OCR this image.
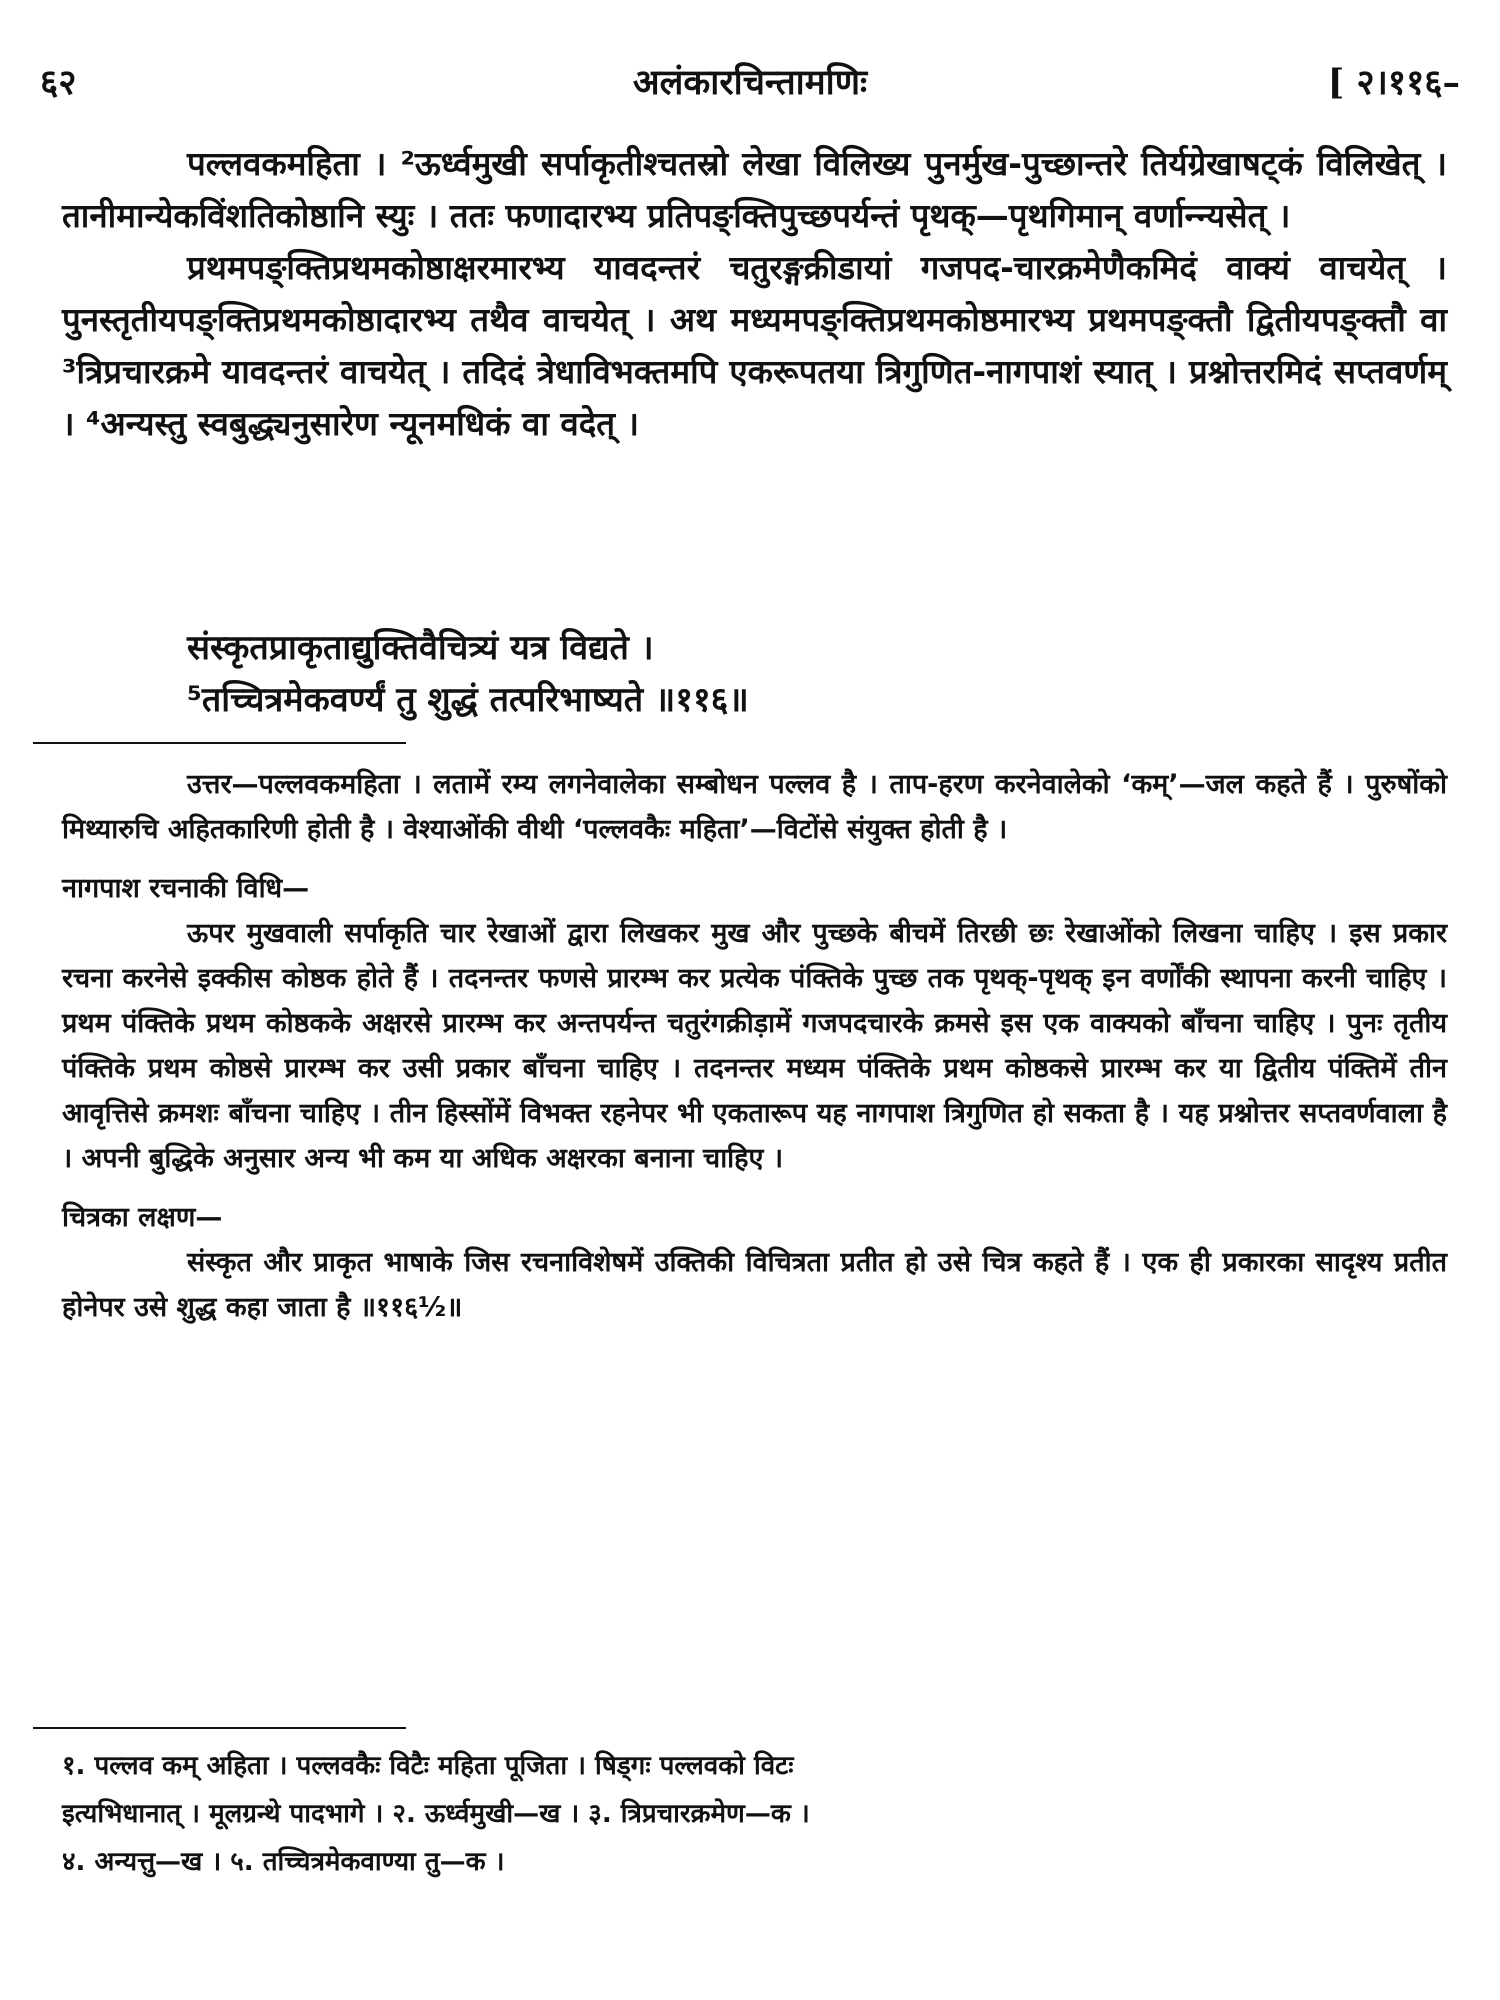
६२	अलंकारचिन्तामणिः	[ २।११६–

पल्लवकमहिता । ²ऊर्ध्वमुखी सर्पाकृतीश्चतस्रो लेखा विलिख्य पुनर्मुख-पुच्छान्तरे तिर्यग्रेखाषट्कं विलिखेत् । तानीमान्येकविंशतिकोष्ठानि स्युः । ततः फणादारभ्य प्रतिपङ्क्तिपुच्छपर्यन्तं पृथक्—पृथगिमान् वर्णान्न्यसेत् ।

प्रथमपङ्क्तिप्रथमकोष्ठाक्षरमारभ्य यावदन्तरं चतुरङ्गक्रीडायां गजपद-चारक्रमेणैकमिदं वाक्यं वाचयेत् । पुनस्तृतीयपङ्क्तिप्रथमकोष्ठादारभ्य तथैव वाचयेत् । अथ मध्यमपङ्क्तिप्रथमकोष्ठमारभ्य प्रथमपङ्क्तौ द्वितीयपङ्क्तौ वा ³त्रिप्रचारक्रमे यावदन्तरं वाचयेत् । तदिदं त्रेधाविभक्तमपि एकरूपतया त्रिगुणित-नागपाशं स्यात् । प्रश्नोत्तरमिदं सप्तवर्णम् । ⁴अन्यस्तु स्वबुद्ध्यनुसारेण न्यूनमधिकं वा वदेत् ।

संस्कृतप्राकृताद्युक्तिवैचित्र्यं यत्र विद्यते ।
⁵तच्चित्रमेकवर्ण्यं तु शुद्धं तत्परिभाष्यते ॥११६॥

उत्तर—पल्लवकमहिता । लतामें रम्य लगनेवालेका सम्बोधन पल्लव है । ताप-हरण करनेवालेको ‘कम्’—जल कहते हैं । पुरुषोंको मिथ्यारुचि अहितकारिणी होती है । वेश्याओंकी वीथी ‘पल्लवकैः महिता’—विटोंसे संयुक्त होती है ।

नागपाश रचनाकी विधि—

ऊपर मुखवाली सर्पाकृति चार रेखाओं द्वारा लिखकर मुख और पुच्छके बीचमें तिरछी छः रेखाओंको लिखना चाहिए । इस प्रकार रचना करनेसे इक्कीस कोष्ठक होते हैं । तदनन्तर फणसे प्रारम्भ कर प्रत्येक पंक्तिके पुच्छ तक पृथक्-पृथक् इन वर्णोंकी स्थापना करनी चाहिए । प्रथम पंक्तिके प्रथम कोष्ठकके अक्षरसे प्रारम्भ कर अन्तपर्यन्त चतुरंगक्रीड़ामें गजपदचारके क्रमसे इस एक वाक्यको बाँचना चाहिए । पुनः तृतीय पंक्तिके प्रथम कोष्ठसे प्रारम्भ कर उसी प्रकार बाँचना चाहिए । तदनन्तर मध्यम पंक्तिके प्रथम कोष्ठकसे प्रारम्भ कर या द्वितीय पंक्तिमें तीन आवृत्तिसे क्रमशः बाँचना चाहिए । तीन हिस्सोंमें विभक्त रहनेपर भी एकतारूप यह नागपाश त्रिगुणित हो सकता है । यह प्रश्नोत्तर सप्तवर्णवाला है । अपनी बुद्धिके अनुसार अन्य भी कम या अधिक अक्षरका बनाना चाहिए ।

चित्रका लक्षण—

संस्कृत और प्राकृत भाषाके जिस रचनाविशेषमें उक्तिकी विचित्रता प्रतीत हो उसे चित्र कहते हैं । एक ही प्रकारका सादृश्य प्रतीत होनेपर उसे शुद्ध कहा जाता है ॥११६½॥

१. पल्लव कम् अहिता । पल्लवकैः विटैः महिता पूजिता । षिड्गः पल्लवको विटः

इत्यभिधानात् । मूलग्रन्थे पादभागे । २. ऊर्ध्वमुखी—ख । ३. त्रिप्रचारक्रमेण—क ।

४. अन्यत्तु—ख । ५. तच्चित्रमेकवाण्या तु—क ।
